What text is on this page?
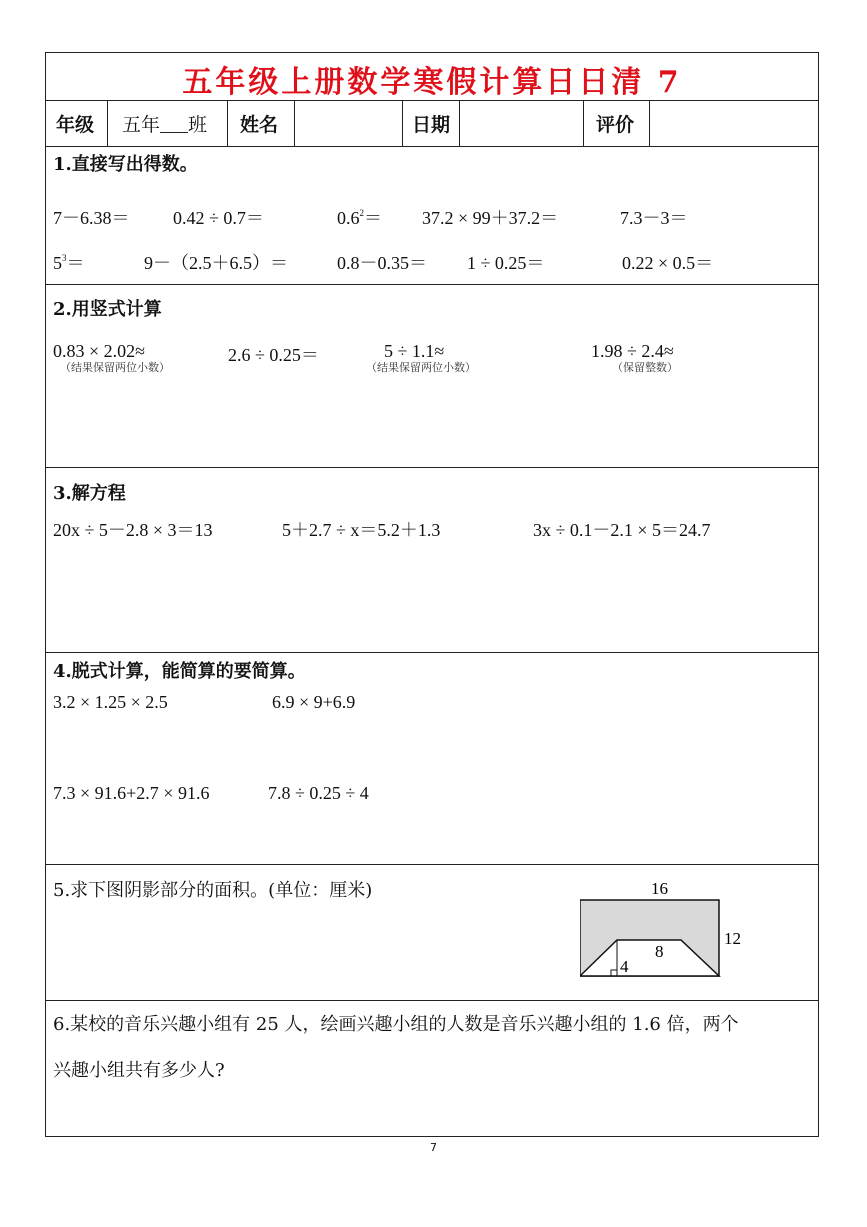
五年级上册数学寒假计算日日清 7
年级 五年 班 姓名	日期	评价
1.直接写出得数。
7－6.38＝ 0.42 ÷ 0.7＝	$0.6^2= 37.2 \times 99+37.2=$	7.3－3＝
$5^3=$	9－（2.5＋6.5）＝	0.8－0.35＝ 1 ÷ 0.25＝	0.22 × 0.5＝
2.用竖式计算
0.83 × 2.02≈
（结果保留两位小数）
2.6 ÷ 0.25＝	5 ÷ 1.1≈
（结果保留两位小数）
1.98 ÷ 2.4≈
（保留整数）
3.解方程
20x ÷ 5－2.8 × 3＝13	5＋2.7 ÷ x＝5.2＋1.3	3x ÷ 0.1－2.1 × 5＝24.7
4.脱式计算，能简算的要简算。
3.2 × 1.25 × 2.5	6.9 × 9+6.9
7.3 × 91.6+2.7 × 91.6	7.8 ÷ 0.25 ÷ 4
5.求下图阴影部分的面积。(单位：厘米)	16
12
8
4
6.某校的音乐兴趣小组有 25 人，绘画兴趣小组的人数是音乐兴趣小组的 1.6 倍，两个
兴趣小组共有多少人?
7
